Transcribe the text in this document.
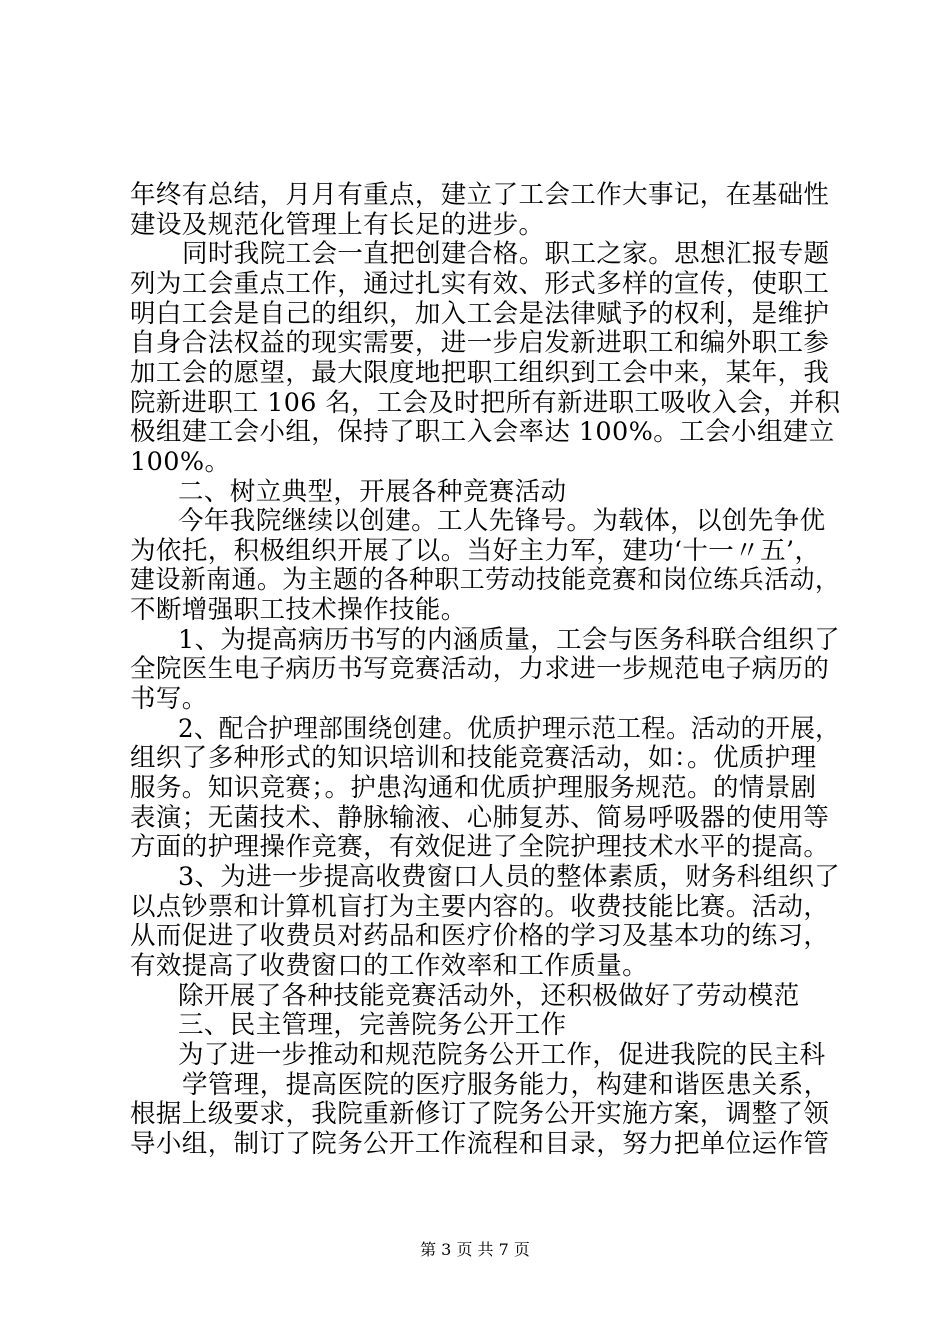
年终有总结，月月有重点，建立了工会工作大事记，在基础性
建设及规范化管理上有长足的进步。
同时我院工会一直把创建合格。职工之家。思想汇报专题
列为工会重点工作，通过扎实有效、形式多样的宣传，使职工
明白工会是自己的组织，加入工会是法律赋予的权利，是维护
自身合法权益的现实需要，进一步启发新进职工和编外职工参
加工会的愿望，最大限度地把职工组织到工会中来，某年，我
院新进职工 106 名，工会及时把所有新进职工吸收入会，并积
极组建工会小组，保持了职工入会率达 100%。工会小组建立
100%。
二、树立典型，开展各种竞赛活动
今年我院继续以创建。工人先锋号。为载体，以创先争优
为依托，积极组织开展了以。当好主力军，建功‘十一〃五’，
建设新南通。为主题的各种职工劳动技能竞赛和岗位练兵活动，
不断增强职工技术操作技能。
1、为提高病历书写的内涵质量，工会与医务科联合组织了
全院医生电子病历书写竞赛活动，力求进一步规范电子病历的
书写。
2、配合护理部围绕创建。优质护理示范工程。活动的开展，
组织了多种形式的知识培训和技能竞赛活动，如：。优质护理
服务。知识竞赛；。护患沟通和优质护理服务规范。的情景剧
表演；无菌技术、静脉输液、心肺复苏、简易呼吸器的使用等
方面的护理操作竞赛，有效促进了全院护理技术水平的提高。
3、为进一步提高收费窗口人员的整体素质，财务科组织了
以点钞票和计算机盲打为主要内容的。收费技能比赛。活动，
从而促进了收费员对药品和医疗价格的学习及基本功的练习，
有效提高了收费窗口的工作效率和工作质量。
除开展了各种技能竞赛活动外，还积极做好了劳动模范
三、民主管理，完善院务公开工作
为了进一步推动和规范院务公开工作，促进我院的民主科
学管理，提高医院的医疗服务能力，构建和谐医患关系，
根据上级要求，我院重新修订了院务公开实施方案，调整了领
导小组，制订了院务公开工作流程和目录，努力把单位运作管
第 3 页 共 7 页
